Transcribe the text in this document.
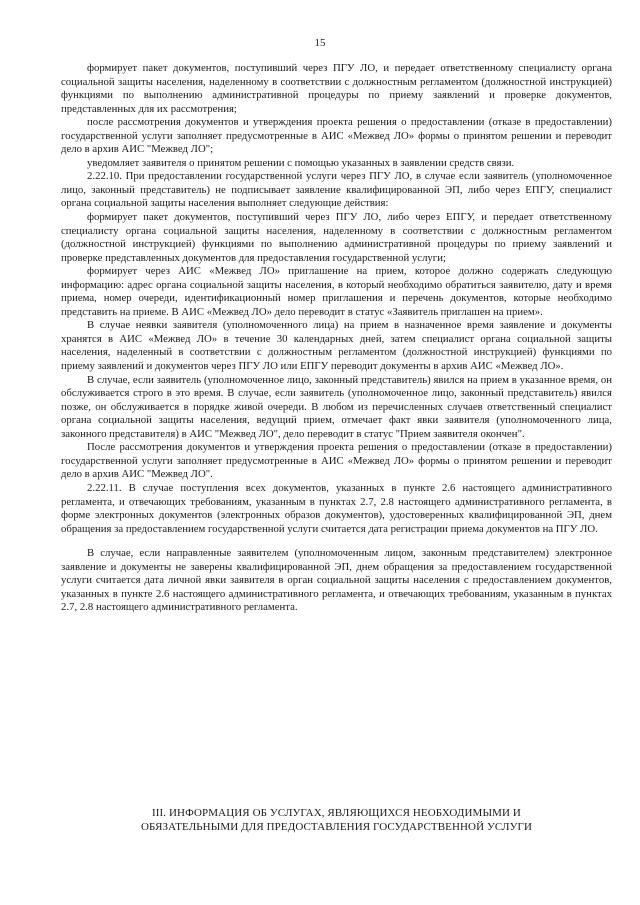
15

формирует пакет документов, поступивший через ПГУ ЛО, и передает ответственному специалисту органа социальной защиты населения, наделенному в соответствии с должностным регламентом (должностной инструкцией) функциями по выполнению административной процедуры по приему заявлений и проверке документов, представленных для их рассмотрения;

после рассмотрения документов и утверждения проекта решения о предоставлении (отказе в предоставлении) государственной услуги заполняет предусмотренные в АИС «Межвед ЛО» формы о принятом решении и переводит дело в архив АИС "Межвед ЛО";

уведомляет заявителя о принятом решении с помощью указанных в заявлении средств связи.

2.22.10. При предоставлении государственной услуги через ПГУ ЛО, в случае если заявитель (уполномоченное лицо, законный представитель) не подписывает заявление квалифицированной ЭП, либо через ЕПГУ, специалист органа социальной защиты населения выполняет следующие действия:

формирует пакет документов, поступивший через ПГУ ЛО, либо через ЕПГУ, и передает ответственному специалисту органа социальной защиты населения, наделенному в соответствии с должностным регламентом (должностной инструкцией) функциями по выполнению административной процедуры по приему заявлений и проверке представленных документов для предоставления государственной услуги;

формирует через АИС «Межвед ЛО» приглашение на прием, которое должно содержать следующую информацию: адрес органа социальной защиты населения, в который необходимо обратиться заявителю, дату и время приема, номер очереди, идентификационный номер приглашения и перечень документов, которые необходимо представить на приеме. В АИС «Межвед ЛО» дело переводит в статус «Заявитель приглашен на прием».

В случае неявки заявителя (уполномоченного лица) на прием в назначенное время заявление и документы хранятся в АИС «Межвед ЛО» в течение 30 календарных дней, затем специалист органа социальной защиты населения, наделенный в соответствии с должностным регламентом (должностной инструкцией) функциями по приему заявлений и документов через ПГУ ЛО или ЕПГУ переводит документы в архив АИС «Межвед ЛО».

В случае, если заявитель (уполномоченное лицо, законный представитель) явился на прием в указанное время, он обслуживается строго в это время. В случае, если заявитель (уполномоченное лицо, законный представитель) явился позже, он обслуживается в порядке живой очереди. В любом из перечисленных случаев ответственный специалист органа социальной защиты населения, ведущий прием, отмечает факт явки заявителя (уполномоченного лица, законного представителя) в АИС "Межвед ЛО", дело переводит в статус "Прием заявителя окончен".

После рассмотрения документов и утверждения проекта решения о предоставлении (отказе в предоставлении) государственной услуги заполняет предусмотренные в АИС «Межвед ЛО» формы о принятом решении и переводит дело в архив АИС "Межвед ЛО".

2.22.11. В случае поступления всех документов, указанных в пункте 2.6 настоящего административного регламента, и отвечающих требованиям, указанным в пунктах 2.7, 2.8 настоящего административного регламента, в форме электронных документов (электронных образов документов), удостоверенных квалифицированной ЭП, днем обращения за предоставлением государственной услуги считается дата регистрации приема документов на ПГУ ЛО.

В случае, если направленные заявителем (уполномоченным лицом, законным представителем) электронное заявление и документы не заверены квалифицированной ЭП, днем обращения за предоставлением государственной услуги считается дата личной явки заявителя в орган социальной защиты населения с предоставлением документов, указанных в пункте 2.6 настоящего административного регламента, и отвечающих требованиям, указанным в пунктах 2.7, 2.8 настоящего административного регламента.

III. ИНФОРМАЦИЯ ОБ УСЛУГАХ, ЯВЛЯЮЩИХСЯ НЕОБХОДИМЫМИ И
ОБЯЗАТЕЛЬНЫМИ ДЛЯ ПРЕДОСТАВЛЕНИЯ ГОСУДАРСТВЕННОЙ УСЛУГИ
